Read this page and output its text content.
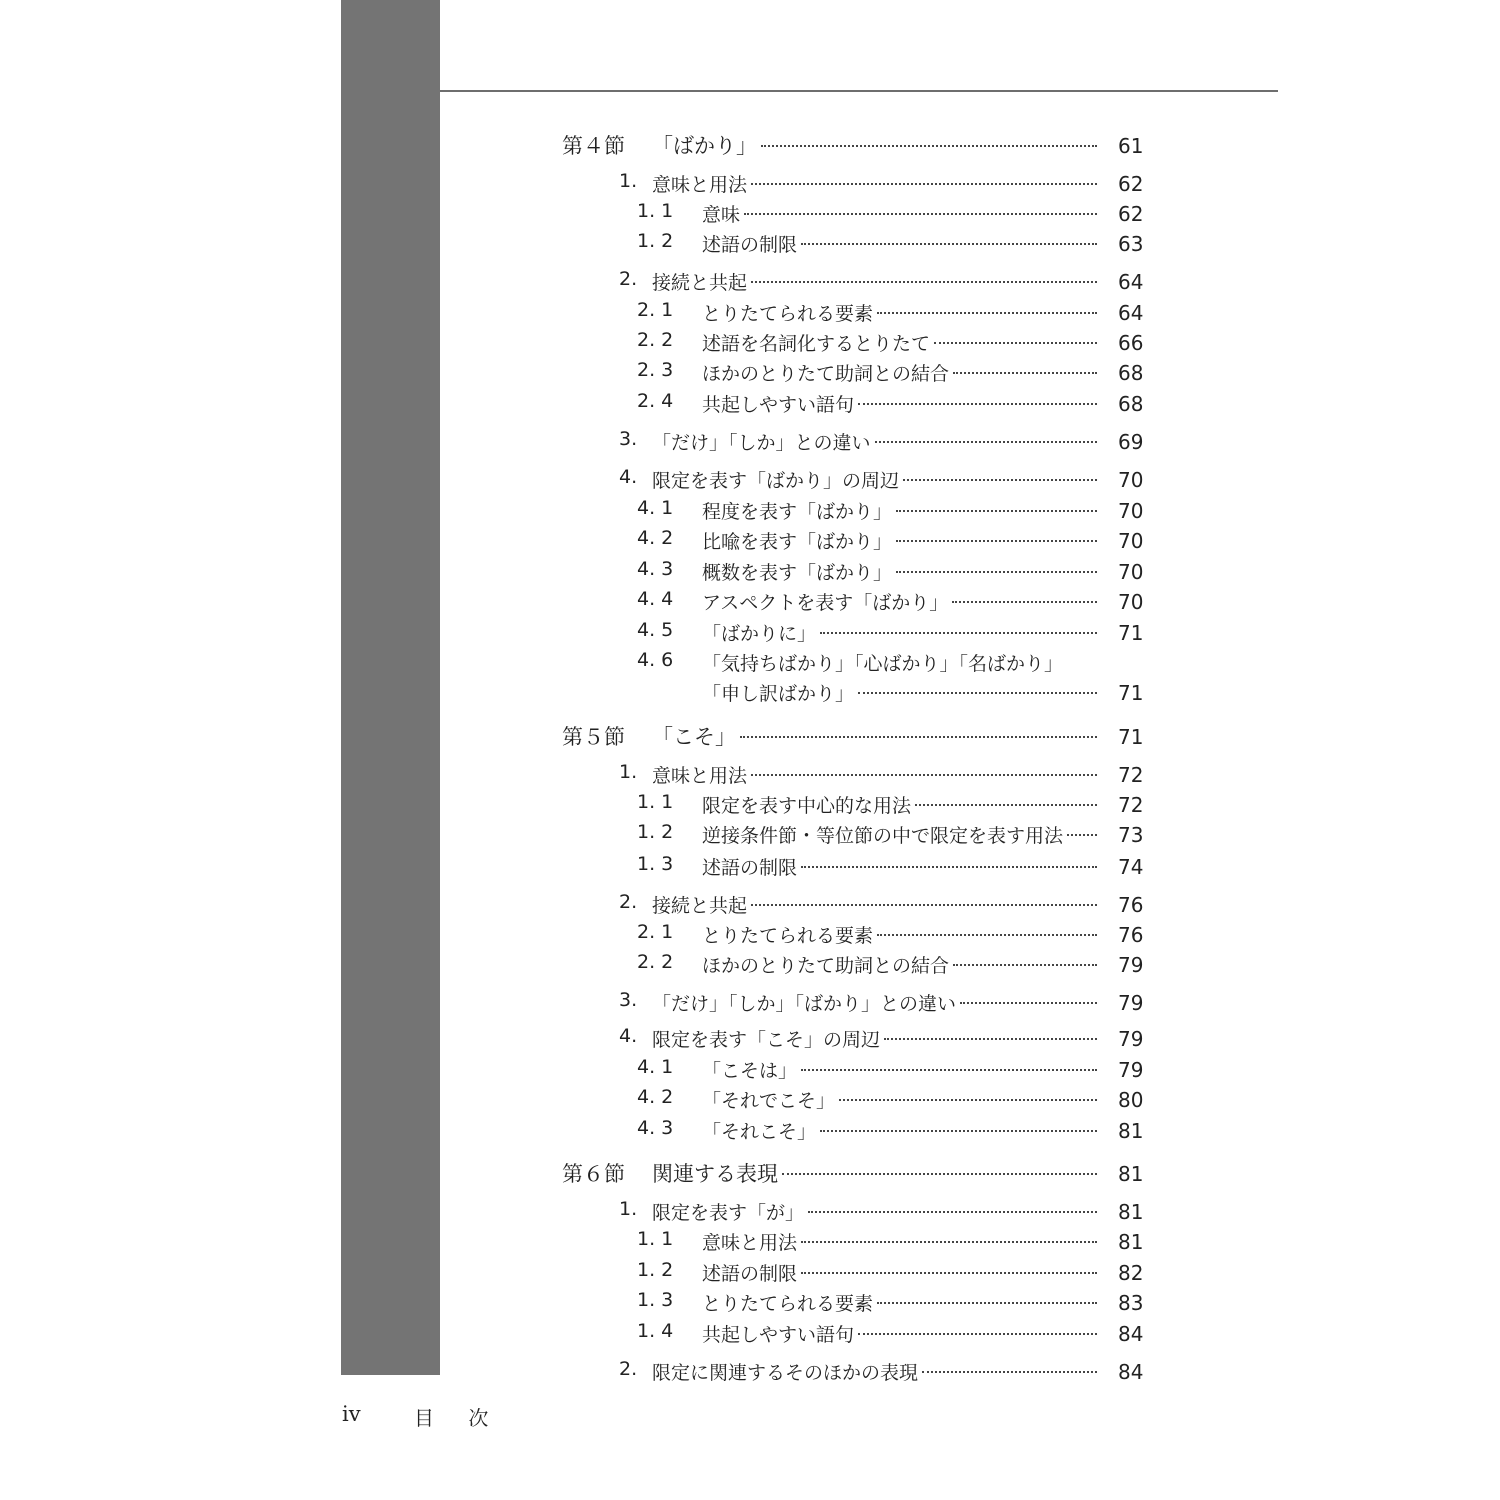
第４節 「ばかり」	61
1. 意味と用法	62
1. 1 意味	62
1. 2 述語の制限	63
2. 接続と共起	64
2. 1 とりたてられる要素	64
2. 2 述語を名詞化するとりたて	66
2. 3 ほかのとりたて助詞との結合	68
2. 4 共起しやすい語句	68
3. 「だけ」「しか」との違い	69
4. 限定を表す「ばかり」の周辺	70
4. 1 程度を表す「ばかり」	70
4. 2 比喩を表す「ばかり」	70
4. 3 概数を表す「ばかり」	70
4. 4 アスペクトを表す「ばかり」	70
4. 5 「ばかりに」	71
4. 6 「気持ちばかり」「心ばかり」「名ばかり」
「申し訳ばかり」	71
第５節 「こそ」	71
1. 意味と用法	72
1. 1 限定を表す中心的な用法	72
1. 2 逆接条件節・等位節の中で限定を表す用法	73
1. 3 述語の制限	74
2. 接続と共起	76
2. 1 とりたてられる要素	76
2. 2 ほかのとりたて助詞との結合	79
3. 「だけ」「しか」「ばかり」との違い	79
4. 限定を表す「こそ」の周辺	79
4. 1 「こそは」	79
4. 2 「それでこそ」	80
4. 3 「それこそ」	81
第６節 関連する表現	81
1. 限定を表す「が」	81
1. 1 意味と用法	81
1. 2 述語の制限	82
1. 3 とりたてられる要素	83
1. 4 共起しやすい語句	84
2. 限定に関連するそのほかの表現	84
iv	目 次
